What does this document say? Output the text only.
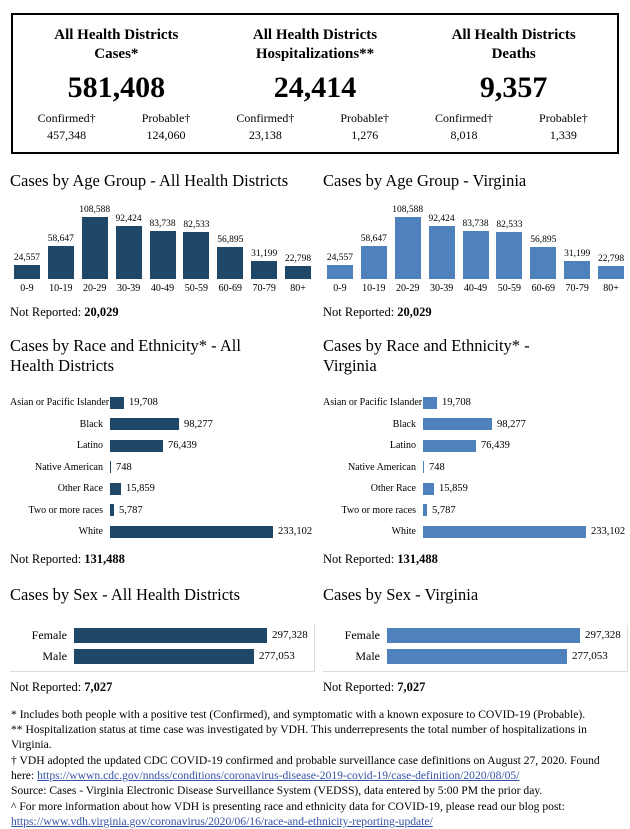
All Health Districts
Cases*
581,408
Confirmed†
457,348
Probable†
124,060
All Health Districts
Hospitalizations**
24,414
Confirmed†
23,138
Probable†
1,276
All Health Districts
Deaths
9,357
Confirmed†
8,018
Probable†
1,339
Cases by Age Group - All Health Districts
24,557
0-9
58,647
10-19
108,588
20-29
92,424
30-39
83,738
40-49
82,533
50-59
56,895
60-69
31,199
70-79
22,798
80+

Not Reported: 20,029

Cases by Age Group - Virginia
24,557
0-9
58,647
10-19
108,588
20-29
92,424
30-39
83,738
40-49
82,533
50-59
56,895
60-69
31,199
70-79
22,798
80+

Not Reported: 20,029

Cases by Race and Ethnicity* - All Health Districts
Asian or Pacific Islander	19,708
Black	98,277
Latino	76,439
Native American	748
Other Race	15,859
Two or more races	5,787
White	233,102

Not Reported: 131,488

Cases by Race and Ethnicity* - Virginia
Asian or Pacific Islander	19,708
Black	98,277
Latino	76,439
Native American	748
Other Race	15,859
Two or more races	5,787
White	233,102

Not Reported: 131,488

Cases by Sex - All Health Districts
Female	297,328
Male	277,053

Not Reported: 7,027

Cases by Sex - Virginia
Female	297,328
Male	277,053

Not Reported: 7,027

* Includes both people with a positive test (Confirmed), and symptomatic with a known exposure to COVID-19 (Probable).

** Hospitalization status at time case was investigated by VDH. This underrepresents the total number of hospitalizations in Virginia.

† VDH adopted the updated CDC COVID-19 confirmed and probable surveillance case definitions on August 27, 2020. Found here: https://wwwn.cdc.gov/nndss/conditions/coronavirus-disease-2019-covid-19/case-definition/2020/08/05/

Source: Cases - Virginia Electronic Disease Surveillance System (VEDSS), data entered by 5:00 PM the prior day.

^ For more information about how VDH is presenting race and ethnicity data for COVID-19, please read our blog post: https://www.vdh.virginia.gov/coronavirus/2020/06/16/race-and-ethnicity-reporting-update/
